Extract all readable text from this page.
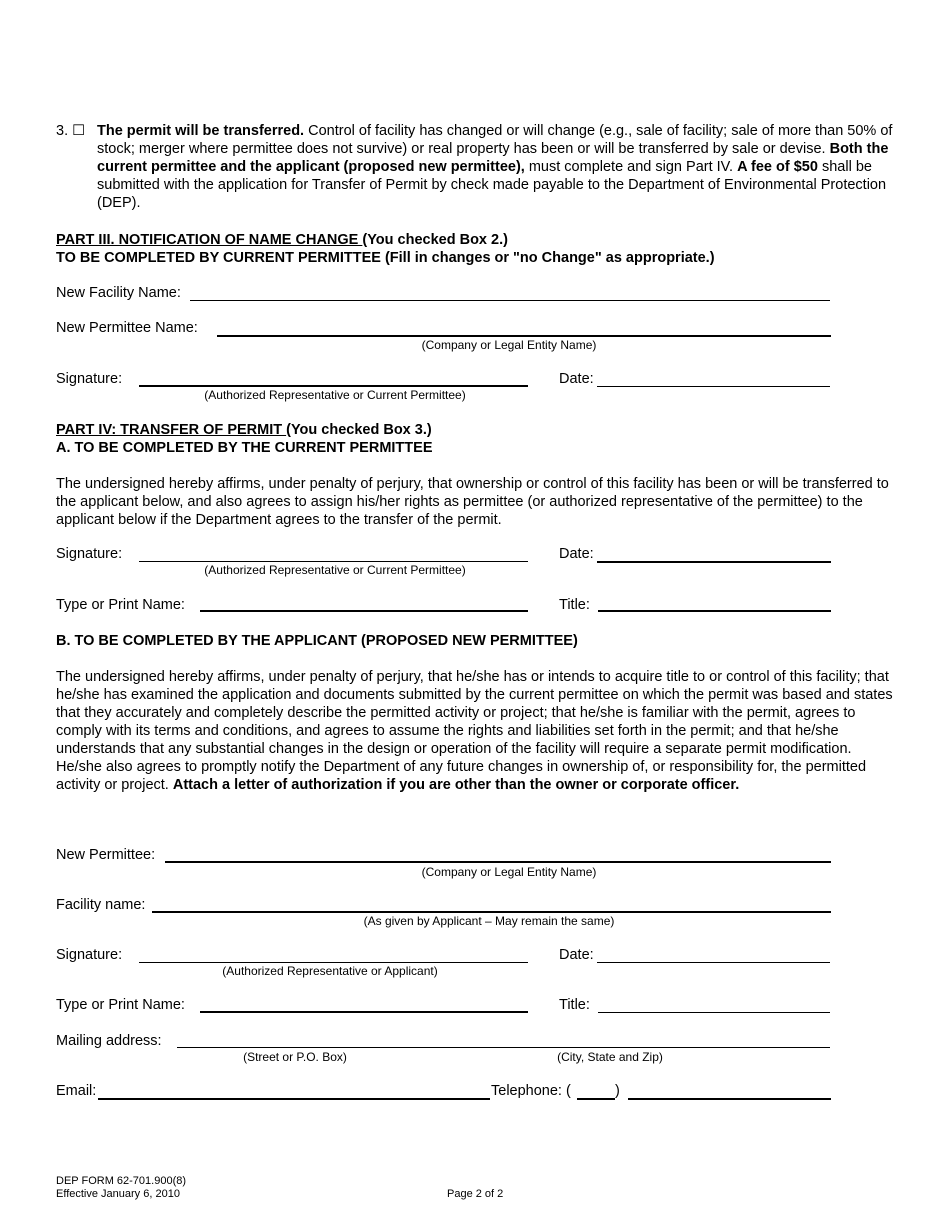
3. ☐ The permit will be transferred. Control of facility has changed or will change (e.g., sale of facility; sale of more than 50% of stock; merger where permittee does not survive) or real property has been or will be transferred by sale or devise. Both the current permittee and the applicant (proposed new permittee), must complete and sign Part IV. A fee of $50 shall be submitted with the application for Transfer of Permit by check made payable to the Department of Environmental Protection (DEP).
PART III. NOTIFICATION OF NAME CHANGE (You checked Box 2.)
TO BE COMPLETED BY CURRENT PERMITTEE (Fill in changes or "no Change" as appropriate.)
New Facility Name:
New Permittee Name:
(Company or Legal Entity Name)
Signature:
(Authorized Representative or Current Permittee)
Date:
PART IV: TRANSFER OF PERMIT (You checked Box 3.)
A. TO BE COMPLETED BY THE CURRENT PERMITTEE
The undersigned hereby affirms, under penalty of perjury, that ownership or control of this facility has been or will be transferred to the applicant below, and also agrees to assign his/her rights as permittee (or authorized representative of the permittee) to the applicant below if the Department agrees to the transfer of the permit.
Signature:
(Authorized Representative or Current Permittee)
Date:
Type or Print Name:	Title:
B. TO BE COMPLETED BY THE APPLICANT (PROPOSED NEW PERMITTEE)
The undersigned hereby affirms, under penalty of perjury, that he/she has or intends to acquire title to or control of this facility; that he/she has examined the application and documents submitted by the current permittee on which the permit was based and states that they accurately and completely describe the permitted activity or project; that he/she is familiar with the permit, agrees to comply with its terms and conditions, and agrees to assume the rights and liabilities set forth in the permit; and that he/she understands that any substantial changes in the design or operation of the facility will require a separate permit modification. He/she also agrees to promptly notify the Department of any future changes in ownership of, or responsibility for, the permitted activity or project. Attach a letter of authorization if you are other than the owner or corporate officer.
New Permittee:
(Company or Legal Entity Name)
Facility name:
(As given by Applicant – May remain the same)
Signature:
(Authorized Representative or Applicant)
Date:
Type or Print Name:	Title:
Mailing address:
(Street or P.O. Box)	(City, State and Zip)
Email:	Telephone: (	)
DEP FORM 62-701.900(8)
Effective January 6, 2010	Page 2 of 2
